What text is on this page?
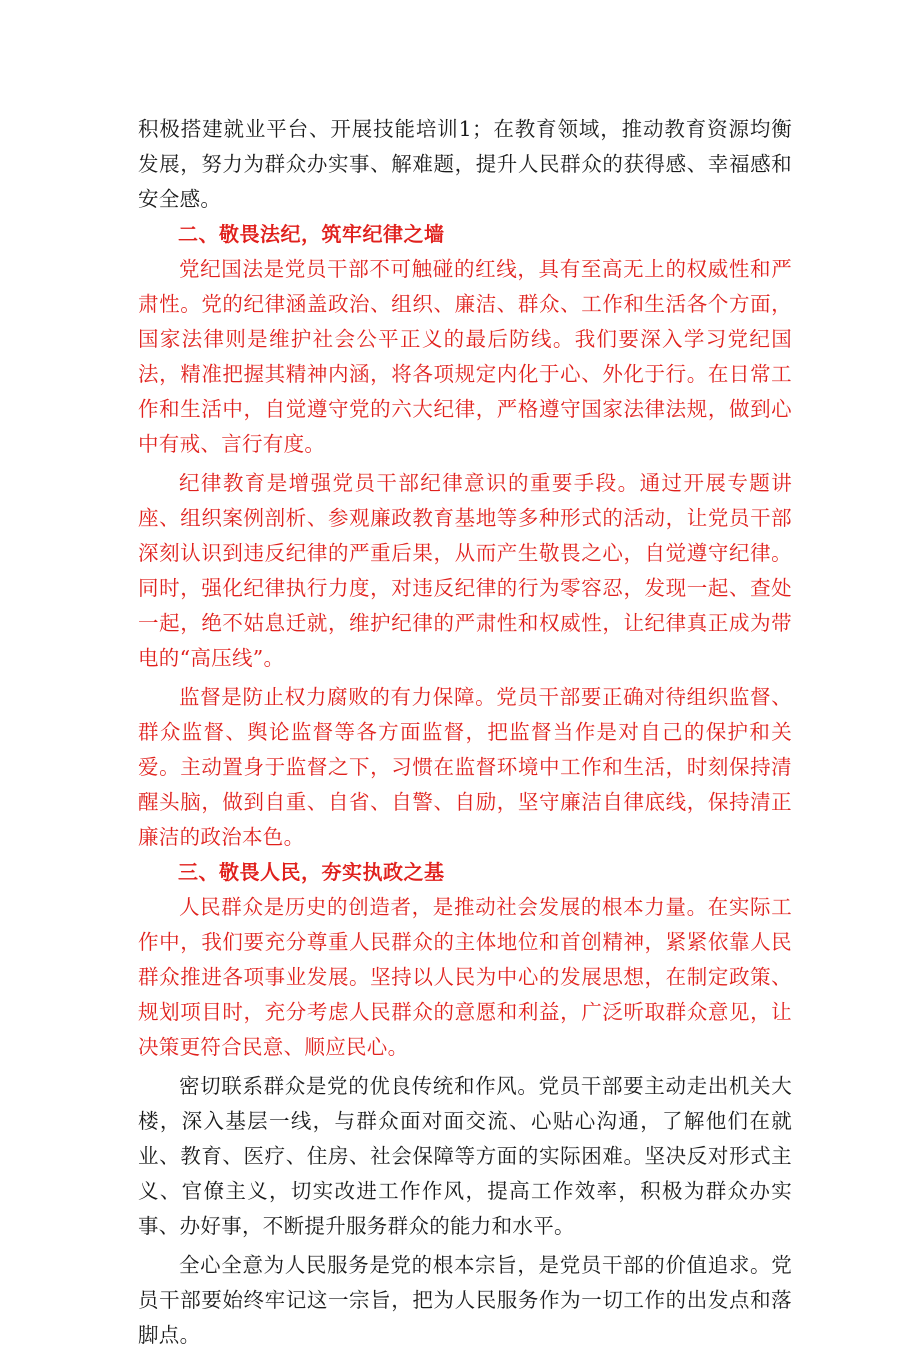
积极搭建就业平台、开展技能培训1；在教育领域，推动教育资源均衡发展，努力为群众办实事、解难题，提升人民群众的获得感、幸福感和安全感。

二、敬畏法纪，筑牢纪律之墙

党纪国法是党员干部不可触碰的红线，具有至高无上的权威性和严肃性。党的纪律涵盖政治、组织、廉洁、群众、工作和生活各个方面，国家法律则是维护社会公平正义的最后防线。我们要深入学习党纪国法，精准把握其精神内涵，将各项规定内化于心、外化于行。在日常工作和生活中，自觉遵守党的六大纪律，严格遵守国家法律法规，做到心中有戒、言行有度。

纪律教育是增强党员干部纪律意识的重要手段。通过开展专题讲座、组织案例剖析、参观廉政教育基地等多种形式的活动，让党员干部深刻认识到违反纪律的严重后果，从而产生敬畏之心，自觉遵守纪律。同时，强化纪律执行力度，对违反纪律的行为零容忍，发现一起、查处一起，绝不姑息迁就，维护纪律的严肃性和权威性，让纪律真正成为带电的“高压线”。

监督是防止权力腐败的有力保障。党员干部要正确对待组织监督、群众监督、舆论监督等各方面监督，把监督当作是对自己的保护和关爱。主动置身于监督之下，习惯在监督环境中工作和生活，时刻保持清醒头脑，做到自重、自省、自警、自励，坚守廉洁自律底线，保持清正廉洁的政治本色。

三、敬畏人民，夯实执政之基

人民群众是历史的创造者，是推动社会发展的根本力量。在实际工作中，我们要充分尊重人民群众的主体地位和首创精神，紧紧依靠人民群众推进各项事业发展。坚持以人民为中心的发展思想，在制定政策、规划项目时，充分考虑人民群众的意愿和利益，广泛听取群众意见，让决策更符合民意、顺应民心。

密切联系群众是党的优良传统和作风。党员干部要主动走出机关大楼，深入基层一线，与群众面对面交流、心贴心沟通，了解他们在就业、教育、医疗、住房、社会保障等方面的实际困难。坚决反对形式主义、官僚主义，切实改进工作作风，提高工作效率，积极为群众办实事、办好事，不断提升服务群众的能力和水平。

全心全意为人民服务是党的根本宗旨，是党员干部的价值追求。党员干部要始终牢记这一宗旨，把为人民服务作为一切工作的出发点和落脚点。
